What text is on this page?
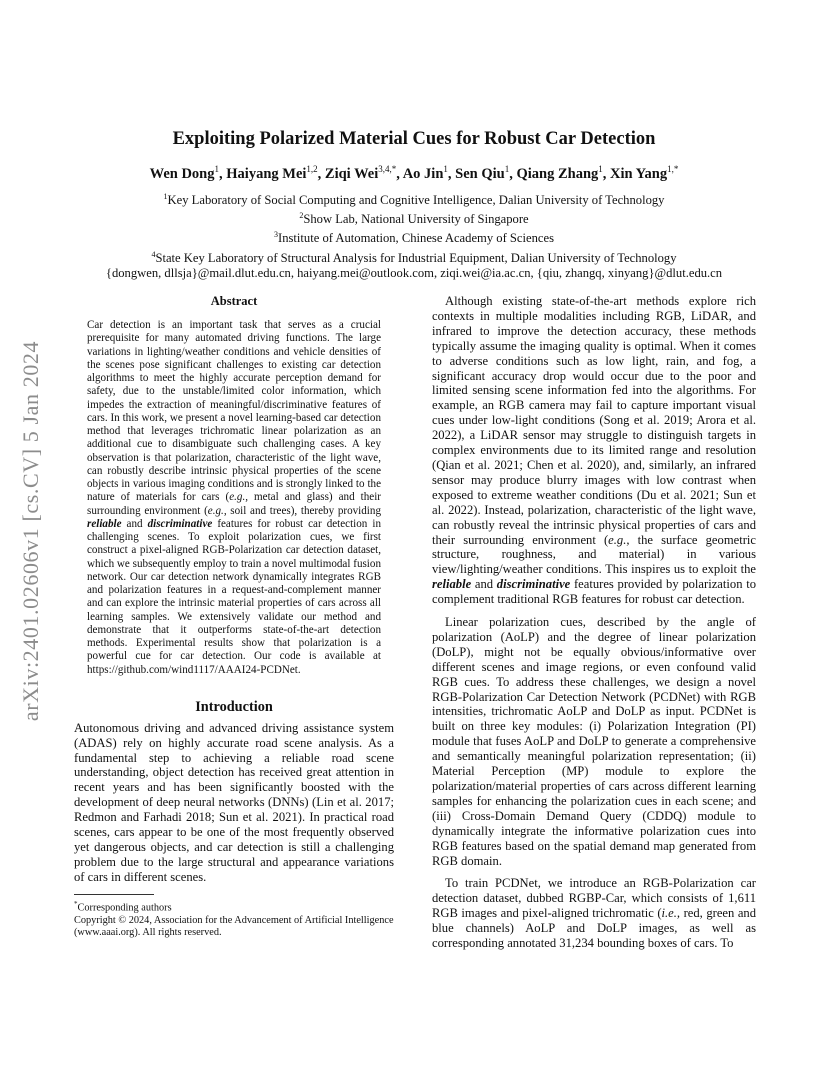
arXiv:2401.02606v1 [cs.CV] 5 Jan 2024
Exploiting Polarized Material Cues for Robust Car Detection
Wen Dong$^1$, Haiyang Mei$^{1,2}$, Ziqi Wei$^{3,4,*}$, Ao Jin$^1$, Sen Qiu$^1$, Qiang Zhang$^1$, Xin Yang$^{1,*}$
$^1$Key Laboratory of Social Computing and Cognitive Intelligence, Dalian University of Technology
$^2$Show Lab, National University of Singapore
$^3$Institute of Automation, Chinese Academy of Sciences
$^4$State Key Laboratory of Structural Analysis for Industrial Equipment, Dalian University of Technology
{dongwen, dllsja}@mail.dlut.edu.cn, haiyang.mei@outlook.com, ziqi.wei@ia.ac.cn, {qiu, zhangq, xinyang}@dlut.edu.cn
Abstract

Car detection is an important task that serves as a crucial prerequisite for many automated driving functions. The large variations in lighting/weather conditions and vehicle densities of the scenes pose significant challenges to existing car detection algorithms to meet the highly accurate perception demand for safety, due to the unstable/limited color information, which impedes the extraction of meaningful/discriminative features of cars. In this work, we present a novel learning-based car detection method that leverages trichromatic linear polarization as an additional cue to disambiguate such challenging cases. A key observation is that polarization, characteristic of the light wave, can robustly describe intrinsic physical properties of the scene objects in various imaging conditions and is strongly linked to the nature of materials for cars (e.g., metal and glass) and their surrounding environment (e.g., soil and trees), thereby providing reliable and discriminative features for robust car detection in challenging scenes. To exploit polarization cues, we first construct a pixel-aligned RGB-Polarization car detection dataset, which we subsequently employ to train a novel multimodal fusion network. Our car detection network dynamically integrates RGB and polarization features in a request-and-complement manner and can explore the intrinsic material properties of cars across all learning samples. We extensively validate our method and demonstrate that it outperforms state-of-the-art detection methods. Experimental results show that polarization is a powerful cue for car detection. Our code is available at https://github.com/wind1117/AAAI24-PCDNet.

Introduction

Autonomous driving and advanced driving assistance system (ADAS) rely on highly accurate road scene analysis. As a fundamental step to achieving a reliable road scene understanding, object detection has received great attention in recent years and has been significantly boosted with the development of deep neural networks (DNNs) (Lin et al. 2017; Redmon and Farhadi 2018; Sun et al. 2021). In practical road scenes, cars appear to be one of the most frequently observed yet dangerous objects, and car detection is still a challenging problem due to the large structural and appearance variations of cars in different scenes.

*Corresponding authors

Copyright © 2024, Association for the Advancement of Artificial Intelligence (www.aaai.org). All rights reserved.

Although existing state-of-the-art methods explore rich contexts in multiple modalities including RGB, LiDAR, and infrared to improve the detection accuracy, these methods typically assume the imaging quality is optimal. When it comes to adverse conditions such as low light, rain, and fog, a significant accuracy drop would occur due to the poor and limited sensing scene information fed into the algorithms. For example, an RGB camera may fail to capture important visual cues under low-light conditions (Song et al. 2019; Arora et al. 2022), a LiDAR sensor may struggle to distinguish targets in complex environments due to its limited range and resolution (Qian et al. 2021; Chen et al. 2020), and, similarly, an infrared sensor may produce blurry images with low contrast when exposed to extreme weather conditions (Du et al. 2021; Sun et al. 2022). Instead, polarization, characteristic of the light wave, can robustly reveal the intrinsic physical properties of cars and their surrounding environment (e.g., the surface geometric structure, roughness, and material) in various view/lighting/weather conditions. This inspires us to exploit the reliable and discriminative features provided by polarization to complement traditional RGB features for robust car detection.

Linear polarization cues, described by the angle of polarization (AoLP) and the degree of linear polarization (DoLP), might not be equally obvious/informative over different scenes and image regions, or even confound valid RGB cues. To address these challenges, we design a novel RGB-Polarization Car Detection Network (PCDNet) with RGB intensities, trichromatic AoLP and DoLP as input. PCDNet is built on three key modules: (i) Polarization Integration (PI) module that fuses AoLP and DoLP to generate a comprehensive and semantically meaningful polarization representation; (ii) Material Perception (MP) module to explore the polarization/material properties of cars across different learning samples for enhancing the polarization cues in each scene; and (iii) Cross-Domain Demand Query (CDDQ) module to dynamically integrate the informative polarization cues into RGB features based on the spatial demand map generated from RGB domain.

To train PCDNet, we introduce an RGB-Polarization car detection dataset, dubbed RGBP-Car, which consists of 1,611 RGB images and pixel-aligned trichromatic (i.e., red, green and blue channels) AoLP and DoLP images, as well as corresponding annotated 31,234 bounding boxes of cars. To
